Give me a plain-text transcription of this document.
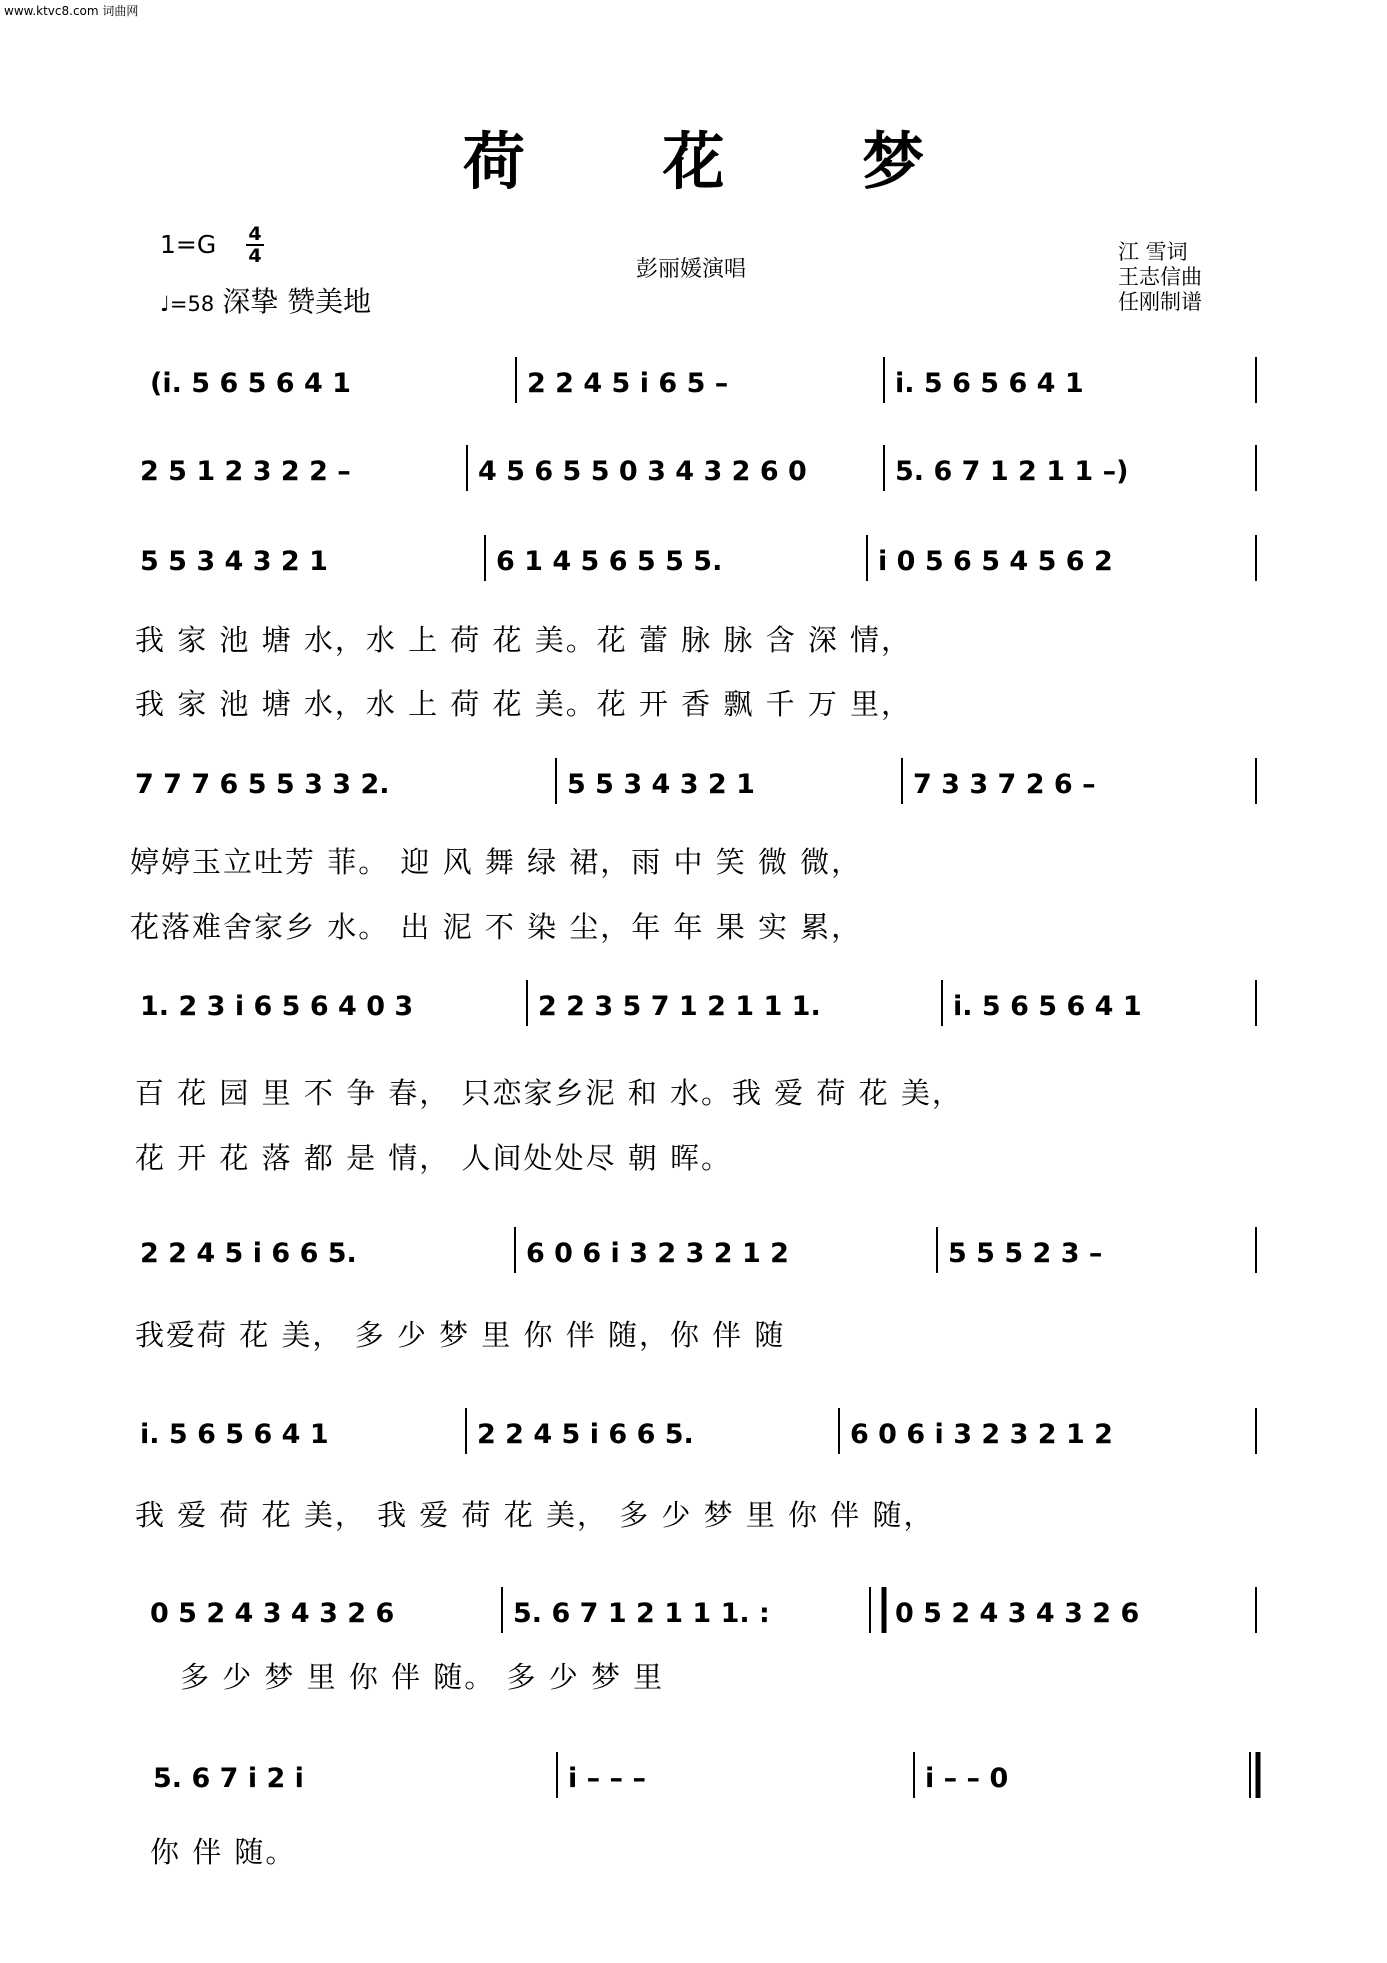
www.ktvc8.com 词曲网
荷 花 梦
1=G 4
4
♩=58 深挚 赞美地
彭丽媛演唱
江 雪词
王志信曲
任刚制谱
(i. 5 6 5 6 4 1	2 2 4 5 i 6 5 –	i. 5 6 5 6 4 1
2 5 1 2 3 2 2 –	4 5 6 5 5 0 3 4 3 2 6 0	5. 6 7 1 2 1 1 –)
5 5 3 4 3 2 1	6 1 4 5 6 5 5 5.	i 0 5 6 5 4 5 6 2
7 7 7 6 5 5 3 3 2.	5 5 3 4 3 2 1	7 3 3 7 2 6 –
1. 2 3 i 6 5 6 4 0 3	2 2 3 5 7 1 2 1 1 1.	i. 5 6 5 6 4 1
2 2 4 5 i 6 6 5.	6 0 6 i 3 2 3 2 1 2	5 5 5 2 3 –
i. 5 6 5 6 4 1	2 2 4 5 i 6 6 5.	6 0 6 i 3 2 3 2 1 2
0 5 2 4 3 4 3 2 6	5. 6 7 1 2 1 1 1. :	0 5 2 4 3 4 3 2 6
5. 6 7 i 2 i	i – – –	i – – 0
我 家 池 塘 水，水 上 荷 花 美。花 蕾 脉 脉 含 深 情，
我 家 池 塘 水，水 上 荷 花 美。花 开 香 飘 千 万 里，
婷婷玉立吐芳 菲。 迎 风 舞 绿 裙，雨 中 笑 微 微，
花落难舍家乡 水。 出 泥 不 染 尘，年 年 果 实 累，
百 花 园 里 不 争 春， 只恋家乡泥 和 水。我 爱 荷 花 美，
花 开 花 落 都 是 情， 人间处处尽 朝 晖。
我爱荷 花 美， 多 少 梦 里 你 伴 随，你 伴 随
我 爱 荷 花 美， 我 爱 荷 花 美， 多 少 梦 里 你 伴 随，
多 少 梦 里 你 伴 随。 多 少 梦 里
你 伴 随。
